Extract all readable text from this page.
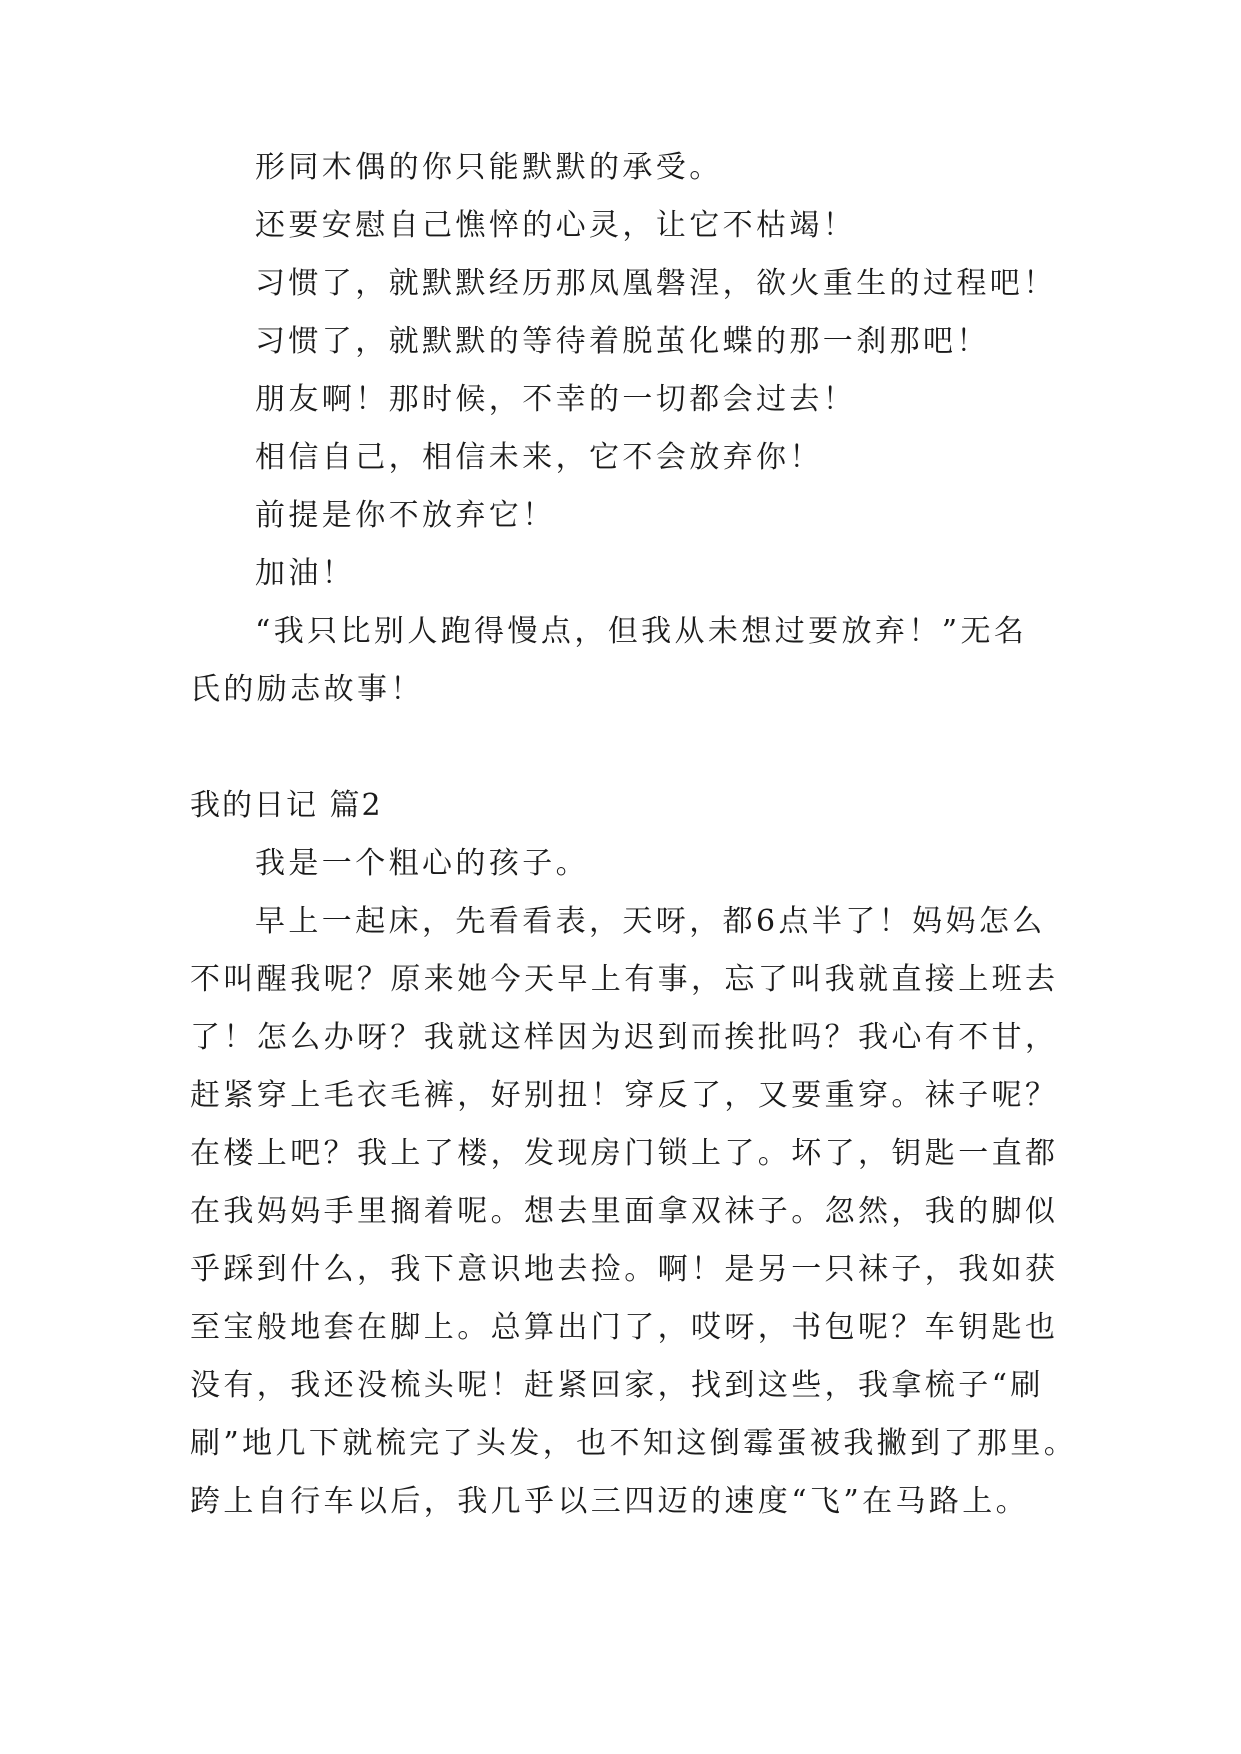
形同木偶的你只能默默的承受。
还要安慰自己憔悴的心灵，让它不枯竭！
习惯了，就默默经历那凤凰磐涅，欲火重生的过程吧！
习惯了，就默默的等待着脱茧化蝶的那一刹那吧！
朋友啊！那时候，不幸的一切都会过去！
相信自己，相信未来，它不会放弃你！
前提是你不放弃它！
加油！
“我只比别人跑得慢点，但我从未想过要放弃！”无名
氏的励志故事！
我的日记 篇2
我是一个粗心的孩子。
早上一起床，先看看表，天呀，都6点半了！妈妈怎么
不叫醒我呢？原来她今天早上有事，忘了叫我就直接上班去
了！怎么办呀？我就这样因为迟到而挨批吗？我心有不甘，
赶紧穿上毛衣毛裤，好别扭！穿反了，又要重穿。袜子呢？
在楼上吧？我上了楼，发现房门锁上了。坏了，钥匙一直都
在我妈妈手里搁着呢。想去里面拿双袜子。忽然，我的脚似
乎踩到什么，我下意识地去捡。啊！是另一只袜子，我如获
至宝般地套在脚上。总算出门了，哎呀，书包呢？车钥匙也
没有，我还没梳头呢！赶紧回家，找到这些，我拿梳子“刷
刷”地几下就梳完了头发，也不知这倒霉蛋被我撇到了那里。
跨上自行车以后，我几乎以三四迈的速度“飞”在马路上。
